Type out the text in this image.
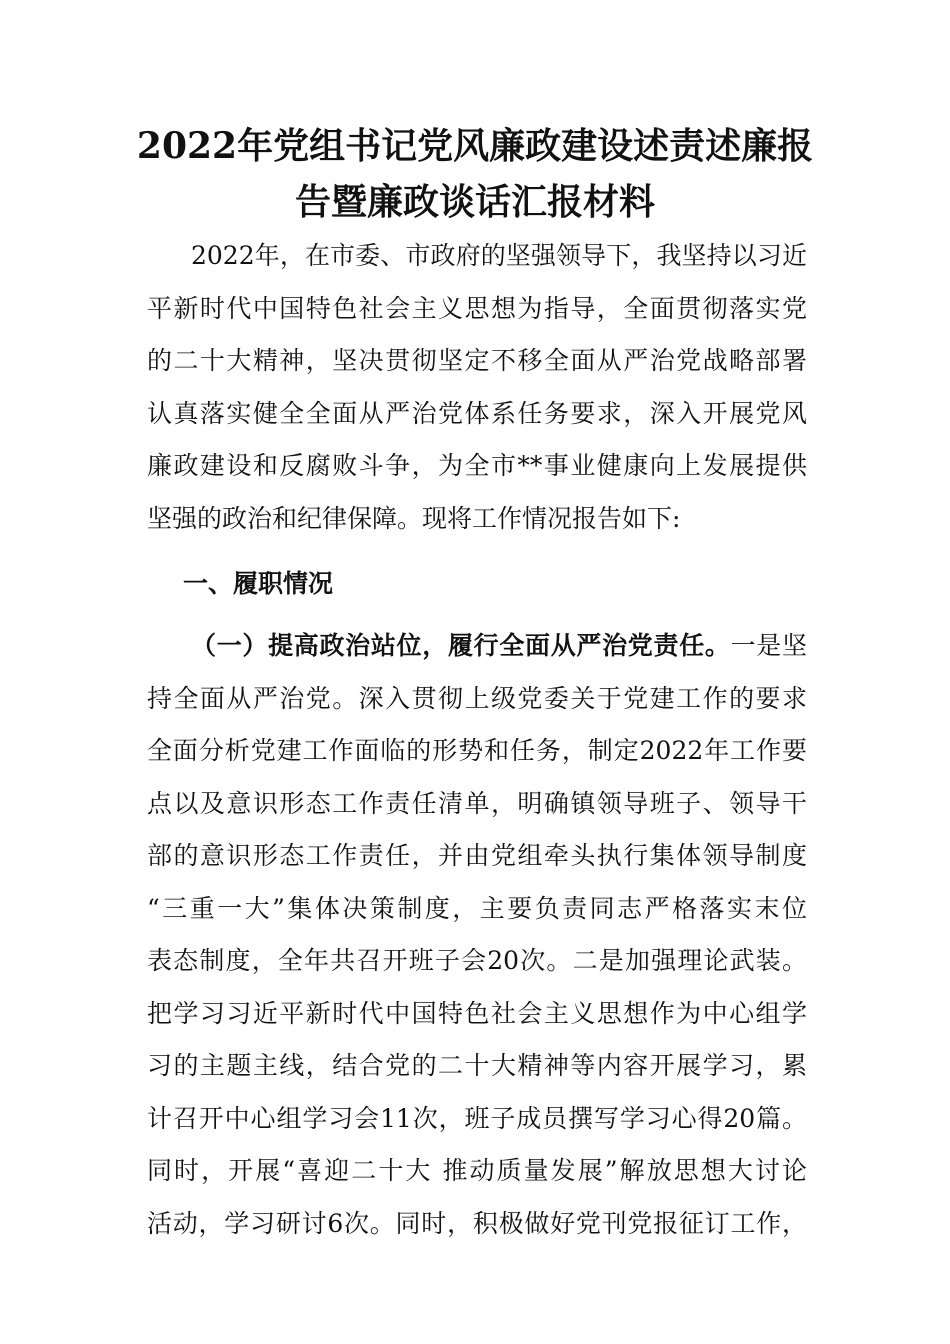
2022年党组书记党风廉政建设述责述廉报
告暨廉政谈话汇报材料
2022年，在市委、市政府的坚强领导下，我坚持以习近
平新时代中国特色社会主义思想为指导，全面贯彻落实党
的二十大精神，坚决贯彻坚定不移全面从严治党战略部署
认真落实健全全面从严治党体系任务要求，深入开展党风
廉政建设和反腐败斗争，为全市**事业健康向上发展提供
坚强的政治和纪律保障。现将工作情况报告如下:
一、履职情况
（一）提高政治站位，履行全面从严治党责任。一是坚
持全面从严治党。深入贯彻上级党委关于党建工作的要求
全面分析党建工作面临的形势和任务，制定2022年工作要
点以及意识形态工作责任清单，明确镇领导班子、领导干
部的意识形态工作责任，并由党组牵头执行集体领导制度
“三重一大”集体决策制度，主要负责同志严格落实末位
表态制度，全年共召开班子会20次。二是加强理论武装。
把学习习近平新时代中国特色社会主义思想作为中心组学
习的主题主线，结合党的二十大精神等内容开展学习，累
计召开中心组学习会11次，班子成员撰写学习心得20篇。
同时，开展“喜迎二十大 推动质量发展”解放思想大讨论
活动，学习研讨6次。同时，积极做好党刊党报征订工作，
